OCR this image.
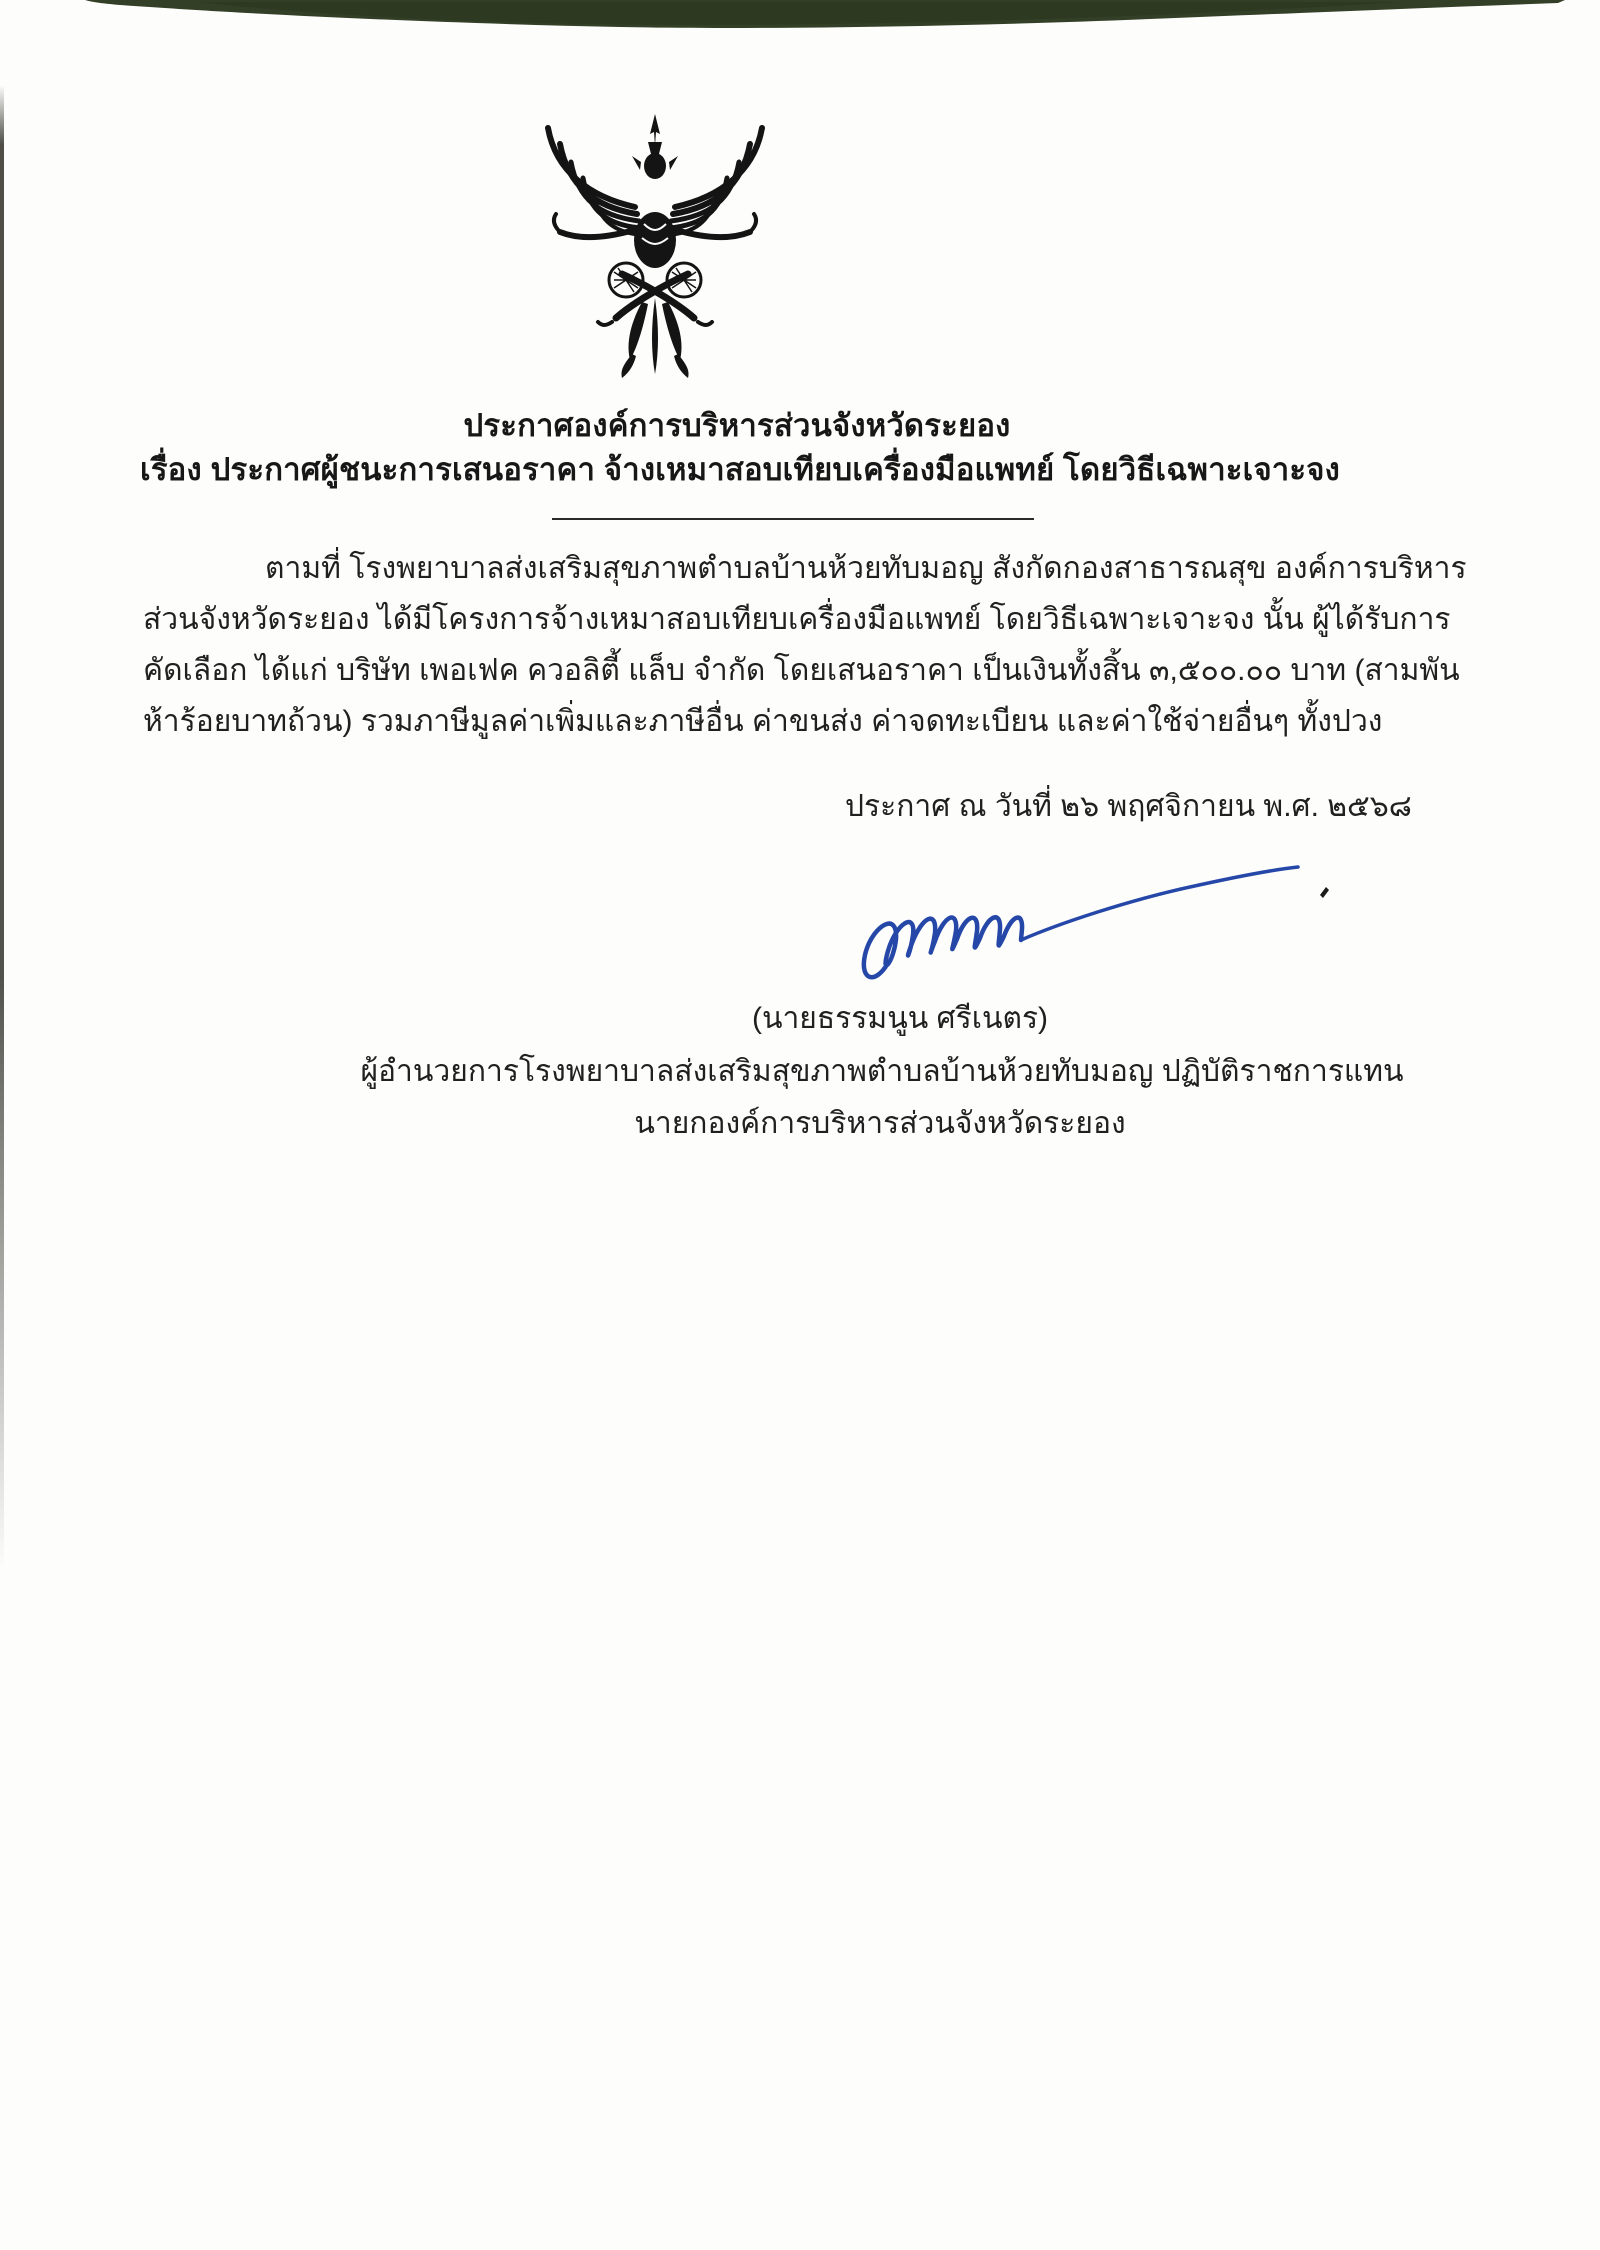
ประกาศองค์การบริหารส่วนจังหวัดระยอง
เรื่อง ประกาศผู้ชนะการเสนอราคา จ้างเหมาสอบเทียบเครื่องมือแพทย์ โดยวิธีเฉพาะเจาะจง
ตามที่ โรงพยาบาลส่งเสริมสุขภาพตำบลบ้านห้วยทับมอญ สังกัดกองสาธารณสุข องค์การบริหาร
ส่วนจังหวัดระยอง ได้มีโครงการจ้างเหมาสอบเทียบเครื่องมือแพทย์ โดยวิธีเฉพาะเจาะจง นั้น ผู้ได้รับการ
คัดเลือก ได้แก่ บริษัท เพอเฟค ควอลิตี้ แล็บ จำกัด โดยเสนอราคา เป็นเงินทั้งสิ้น ๓,๕๐๐.๐๐ บาท (สามพัน
ห้าร้อยบาทถ้วน) รวมภาษีมูลค่าเพิ่มและภาษีอื่น ค่าขนส่ง ค่าจดทะเบียน และค่าใช้จ่ายอื่นๆ ทั้งปวง
ประกาศ ณ วันที่ ๒๖ พฤศจิกายน พ.ศ. ๒๕๖๘
(นายธรรมนูน ศรีเนตร)
ผู้อำนวยการโรงพยาบาลส่งเสริมสุขภาพตำบลบ้านห้วยทับมอญ ปฏิบัติราชการแทน
นายกองค์การบริหารส่วนจังหวัดระยอง
